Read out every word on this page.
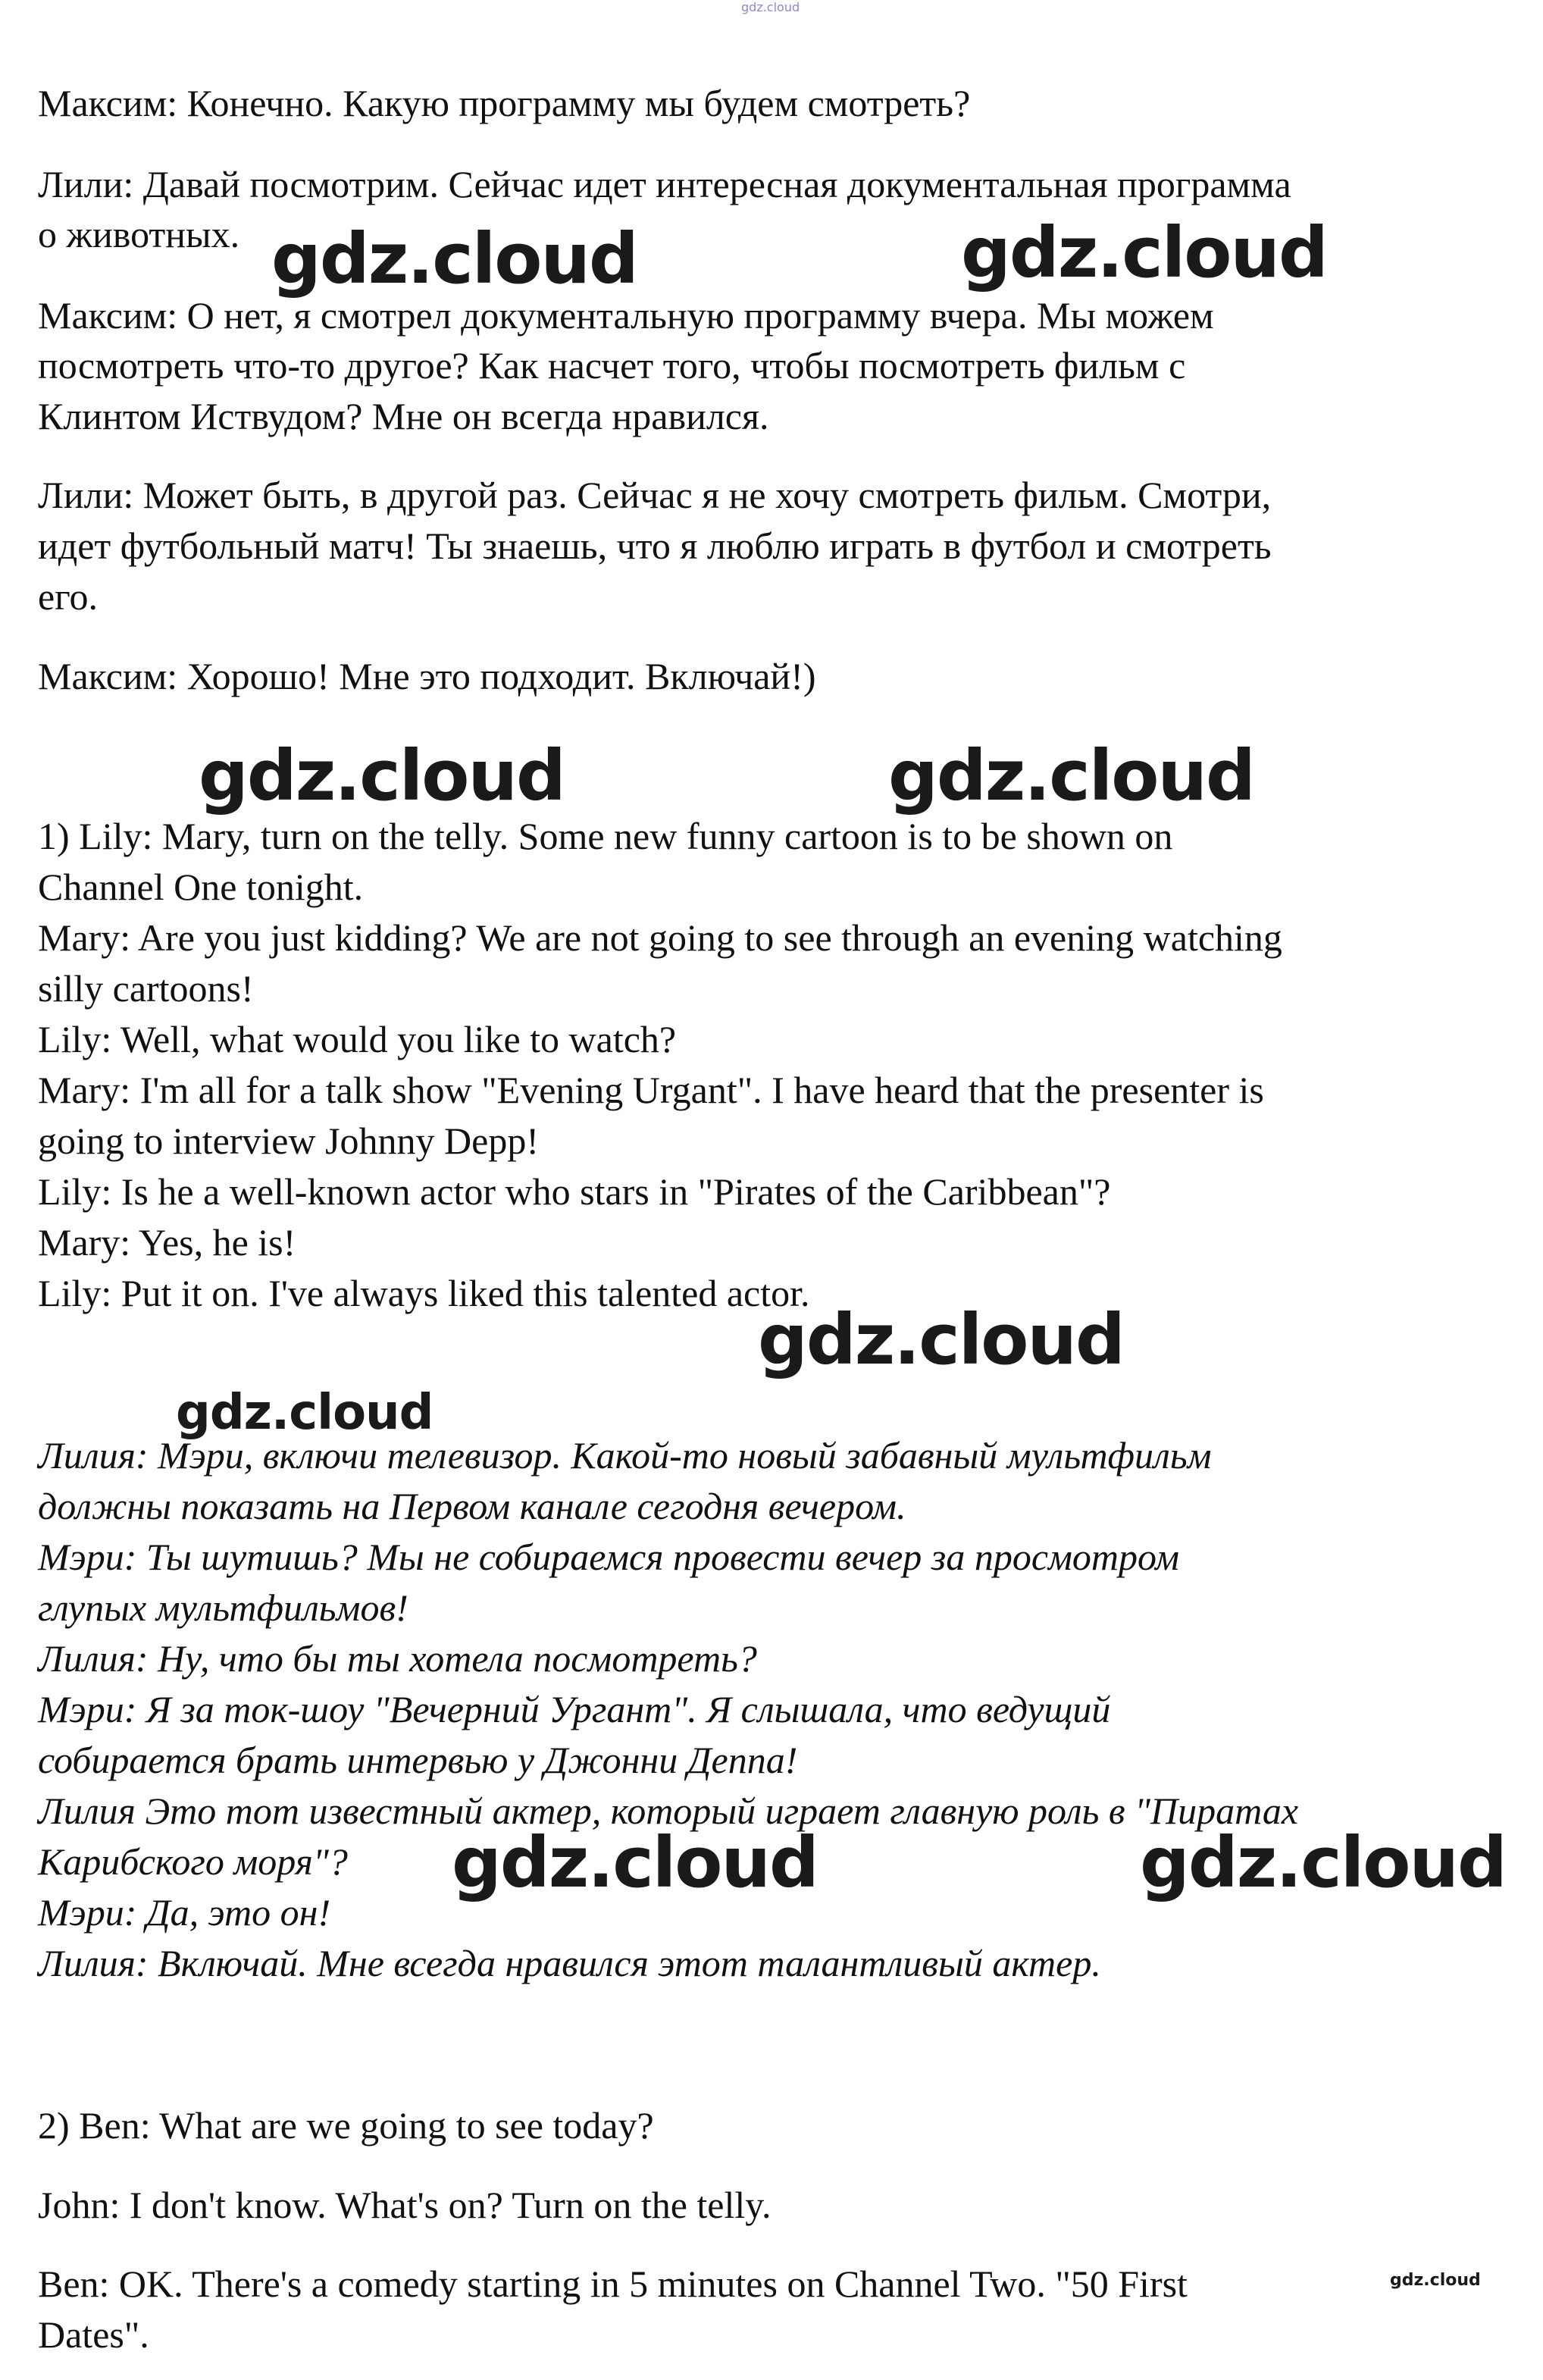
gdz.cloud
Максим: Конечно. Какую программу мы будем смотреть?
Лили: Давай посмотрим. Сейчас идет интересная документальная программа
о животных.
Максим: О нет, я смотрел документальную программу вчера. Мы можем
посмотреть что-то другое? Как насчет того, чтобы посмотреть фильм с
Клинтом Иствудом? Мне он всегда нравился.
Лили: Может быть, в другой раз. Сейчас я не хочу смотреть фильм. Смотри,
идет футбольный матч! Ты знаешь, что я люблю играть в футбол и смотреть
его.
Максим: Хорошо! Мне это подходит. Включай!)
1) Lily: Mary, turn on the telly. Some new funny cartoon is to be shown on
Channel One tonight.
Mary: Are you just kidding? We are not going to see through an evening watching
silly cartoons!
Lily: Well, what would you like to watch?
Mary: I'm all for a talk show "Evening Urgant". I have heard that the presenter is
going to interview Johnny Depp!
Lily: Is he a well-known actor who stars in "Pirates of the Caribbean"?
Mary: Yes, he is!
Lily: Put it on. I've always liked this talented actor.
Лилия: Мэри, включи телевизор. Какой-то новый забавный мультфильм
должны показать на Первом канале сегодня вечером.
Мэри: Ты шутишь? Мы не собираемся провести вечер за просмотром
глупых мультфильмов!
Лилия: Ну, что бы ты хотела посмотреть?
Мэри: Я за ток-шоу "Вечерний Ургант". Я слышала, что ведущий
собирается брать интервью у Джонни Деппа!
Лилия Это тот известный актер, который играет главную роль в "Пиратах
Карибского моря"?
Мэри: Да, это он!
Лилия: Включай. Мне всегда нравился этот талантливый актер.
2) Ben: What are we going to see today?
John: I don't know. What's on? Turn on the telly.
Ben: OK. There's a comedy starting in 5 minutes on Channel Two. "50 First
Dates".
gdz.cloud	gdz.cloud
gdz.cloud	gdz.cloud
gdz.cloud
gdz.cloud
gdz.cloud	gdz.cloud
gdz.cloud
